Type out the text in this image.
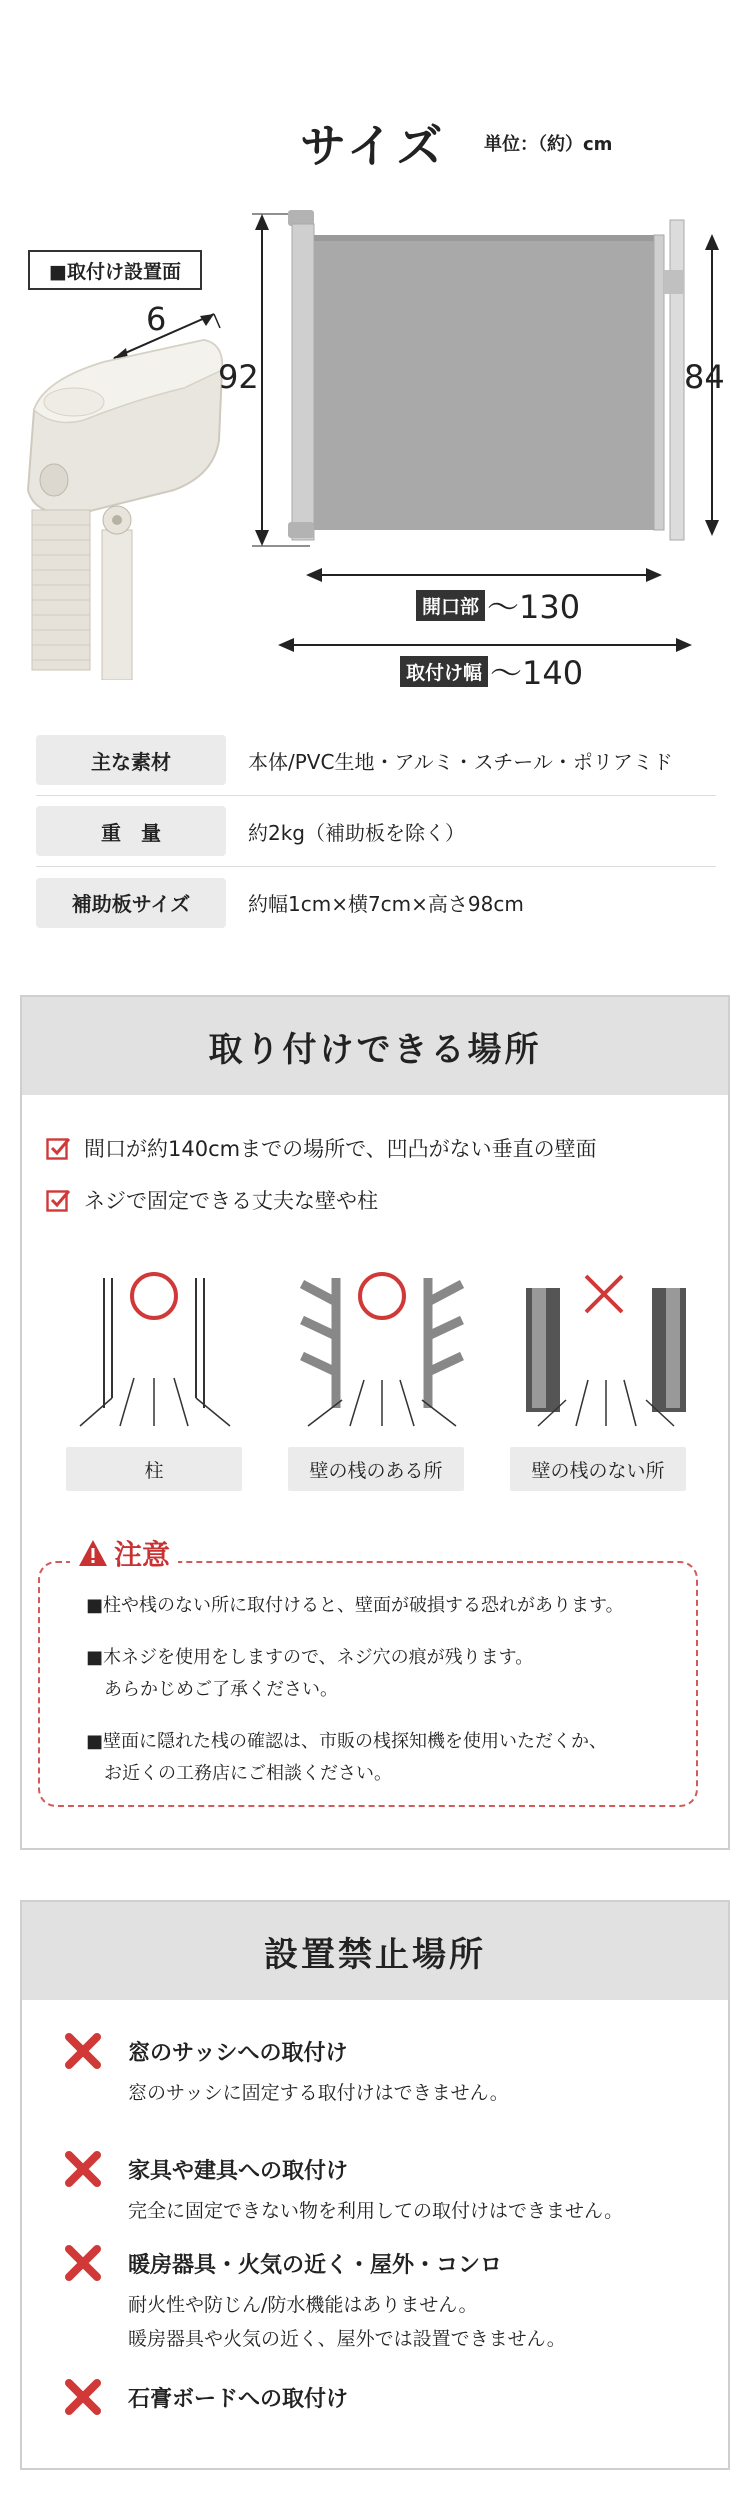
サイズ 単位：（約）cm
■取付け設置面
6
92	84
開口部 ～130
取付け幅 ～140
主な素材	本体/PVC生地・アルミ・スチール・ポリアミド
重　量	約2kg（補助板を除く）
補助板サイズ	約幅1cm×横7cm×高さ98cm
取り付けできる場所
間口が約140cmまでの場所で、凹凸がない垂直の壁面
ネジで固定できる丈夫な壁や柱
柱	壁の桟のある所	壁の桟のない所
注意
■柱や桟のない所に取付けると、壁面が破損する恐れがあります。
■木ネジを使用をしますので、ネジ穴の痕が残ります。
　あらかじめご了承ください。
■壁面に隠れた桟の確認は、市販の桟探知機を使用いただくか、
　お近くの工務店にご相談ください。
設置禁止場所
窓のサッシへの取付け
窓のサッシに固定する取付けはできません。
家具や建具への取付け
完全に固定できない物を利用しての取付けはできません。
暖房器具・火気の近く・屋外・コンロ
耐火性や防じん/防水機能はありません。
暖房器具や火気の近く、屋外では設置できません。
石膏ボードへの取付け
